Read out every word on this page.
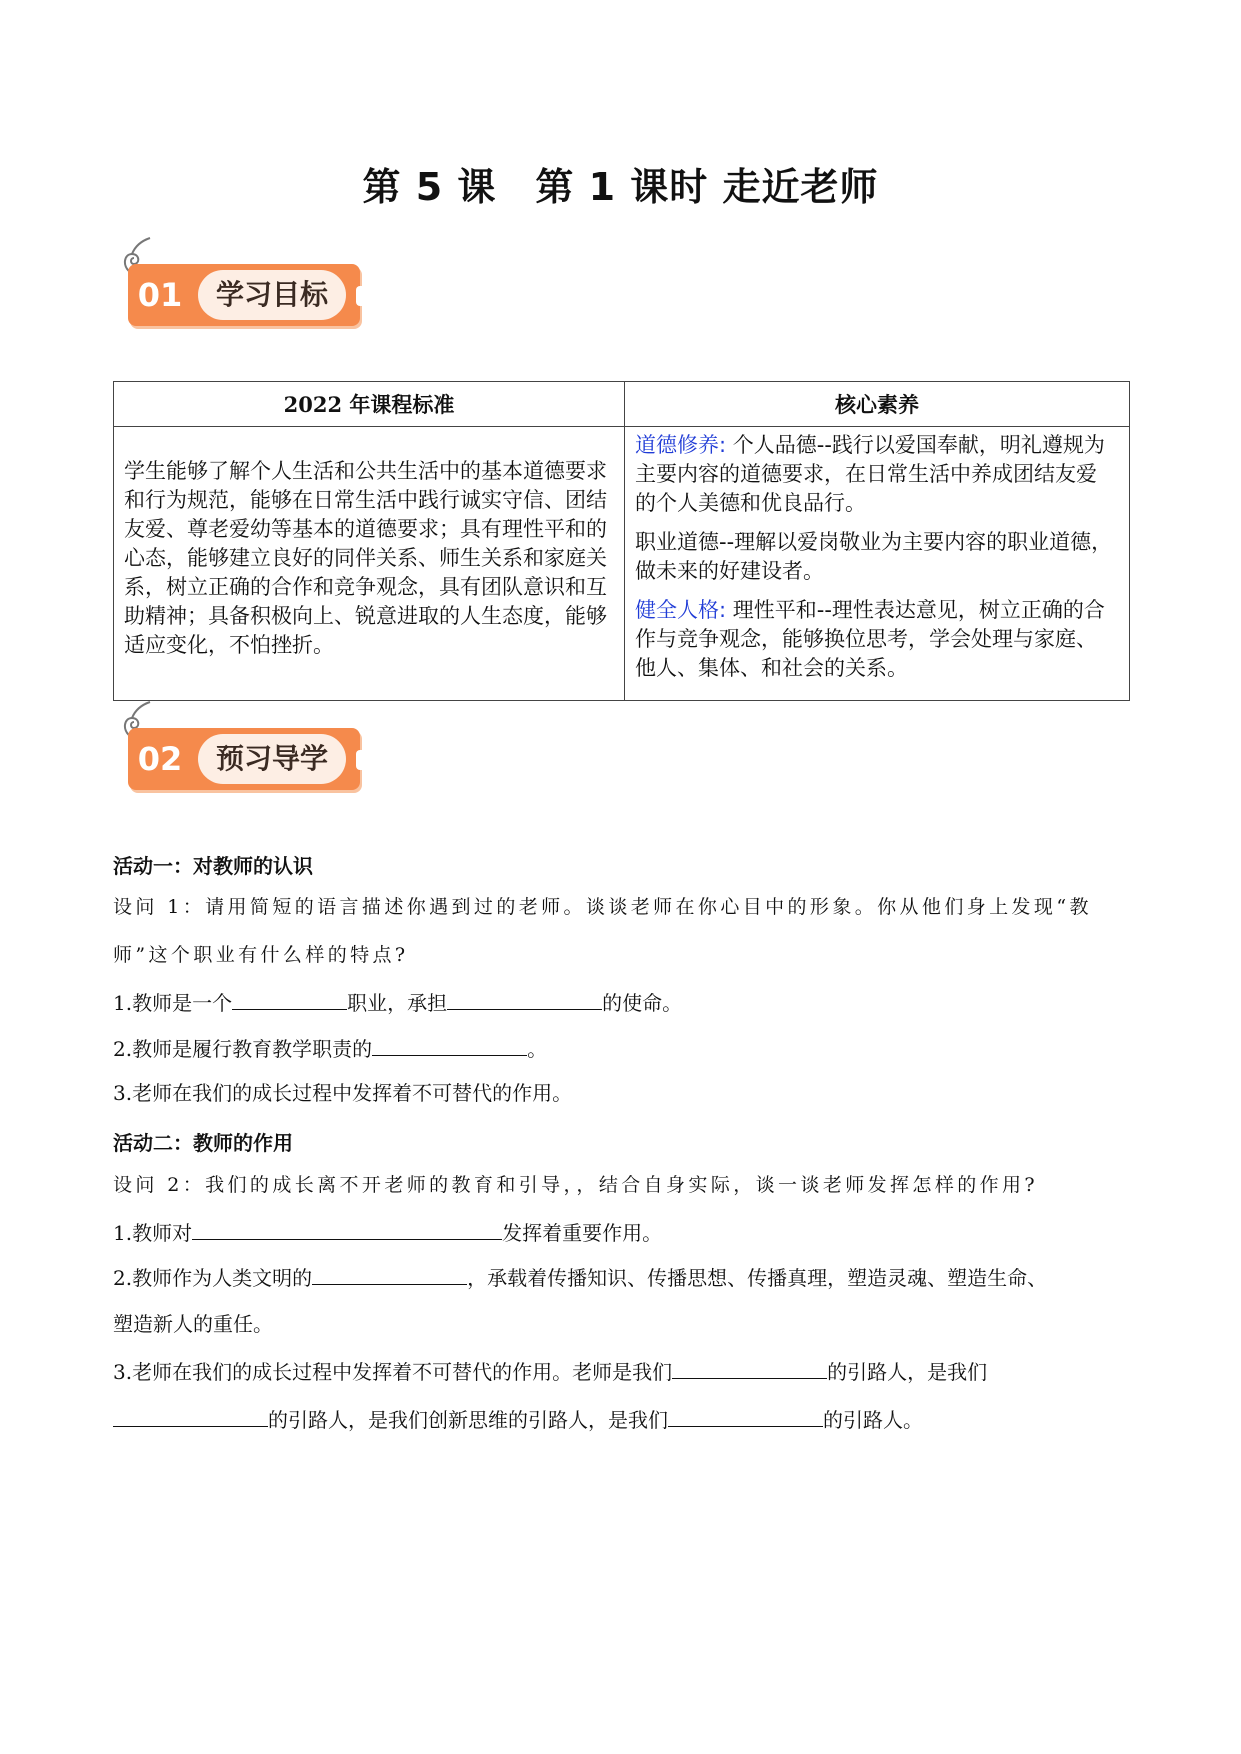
第 5 课　第 1 课时 走近老师
01	学习目标
2022 年课程标准	核心素养
学生能够了解个人生活和公共生活中的基本道德要求和行为规范，能够在日常生活中践行诚实守信、团结友爱、尊老爱幼等基本的道德要求；具有理性平和的心态，能够建立良好的同伴关系、师生关系和家庭关系，树立正确的合作和竞争观念，具有团队意识和互助精神；具备积极向上、锐意进取的人生态度，能够适应变化，不怕挫折。	道德修养: 个人品德--践行以爱国奉献，明礼遵规为主要内容的道德要求，在日常生活中养成团结友爱的个人美德和优良品行。

职业道德--理解以爱岗敬业为主要内容的职业道德，做未来的好建设者。

健全人格: 理性平和--理性表达意见，树立正确的合作与竞争观念，能够换位思考，学会处理与家庭、他人、集体、和社会的关系。

02	预习导学
活动一：对教师的认识
设问 1：请用简短的语言描述你遇到过的老师。谈谈老师在你心目中的形象。你从他们身上发现“教
师”这个职业有什么样的特点?
1.教师是一个	职业，承担	的使命。
2.教师是履行教育教学职责的	。
3.老师在我们的成长过程中发挥着不可替代的作用。
活动二：教师的作用
设问 2：我们的成长离不开老师的教育和引导，，结合自身实际，谈一谈老师发挥怎样的作用?
1.教师对	发挥着重要作用。
2.教师作为人类文明的	，承载着传播知识、传播思想、传播真理，塑造灵魂、塑造生命、
塑造新人的重任。
3.老师在我们的成长过程中发挥着不可替代的作用。老师是我们	的引路人，是我们
的引路人，是我们创新思维的引路人，是我们	的引路人。
